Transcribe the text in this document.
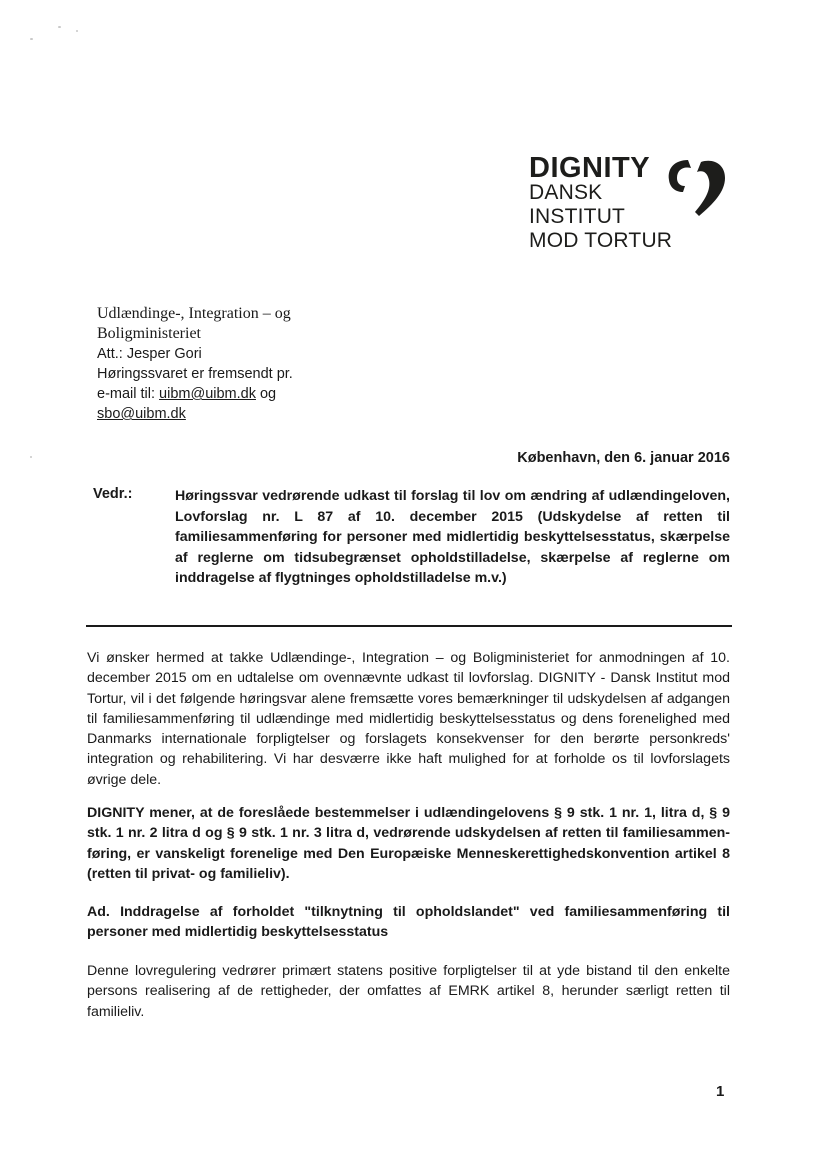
DIGNITY
DANSK
INSTITUT
MOD TORTUR
Udlændinge-, Integration – og
Boligministeriet
Att.: Jesper Gori
Høringssvaret er fremsendt pr.
e-mail til: uibm@uibm.dk og
sbo@uibm.dk
København, den 6. januar 2016
Vedr.:	Høringssvar vedrørende udkast til forslag til lov om ændring af udlændingeloven, Lovforslag nr. L 87 af 10. december 2015 (Udskydelse af retten til familiesammenføring for personer med midlertidig beskyttelsesstatus, skærpelse af reglerne om tidsubegrænset opholdstilladelse, skærpelse af reglerne om inddragelse af flygtninges opholdstilladelse m.v.)
Vi ønsker hermed at takke Udlændinge-, Integration – og Boligministeriet for anmodningen af 10. december 2015 om en udtalelse om ovennævnte udkast til lovforslag. DIGNITY - Dansk Institut mod Tortur, vil i det følgende høringsvar alene fremsætte vores bemærkninger til udskydelsen af adgangen til familiesammenføring til udlændinge med midlertidig beskyttelsesstatus og dens forenelighed med Danmarks internationale forpligtelser og forslagets konsekvenser for den berørte personkreds' integration og rehabilitering. Vi har desværre ikke haft mulighed for at forholde os til lovforslagets øvrige dele.
DIGNITY mener, at de foreslåede bestemmelser i udlændingelovens § 9 stk. 1 nr. 1, litra d, § 9 stk. 1 nr. 2 litra d og § 9 stk. 1 nr. 3 litra d, vedrørende udskydelsen af retten til familiesammenføring, er vanskeligt forenelige med Den Europæiske Menneskerettighedskonvention artikel 8 (retten til privat- og familieliv).
Ad. Inddragelse af forholdet "tilknytning til opholdslandet" ved familiesammenføring til personer med midlertidig beskyttelsesstatus
Denne lovregulering vedrører primært statens positive forpligtelser til at yde bistand til den enkelte persons realisering af de rettigheder, der omfattes af EMRK artikel 8, herunder særligt retten til familieliv.
1
